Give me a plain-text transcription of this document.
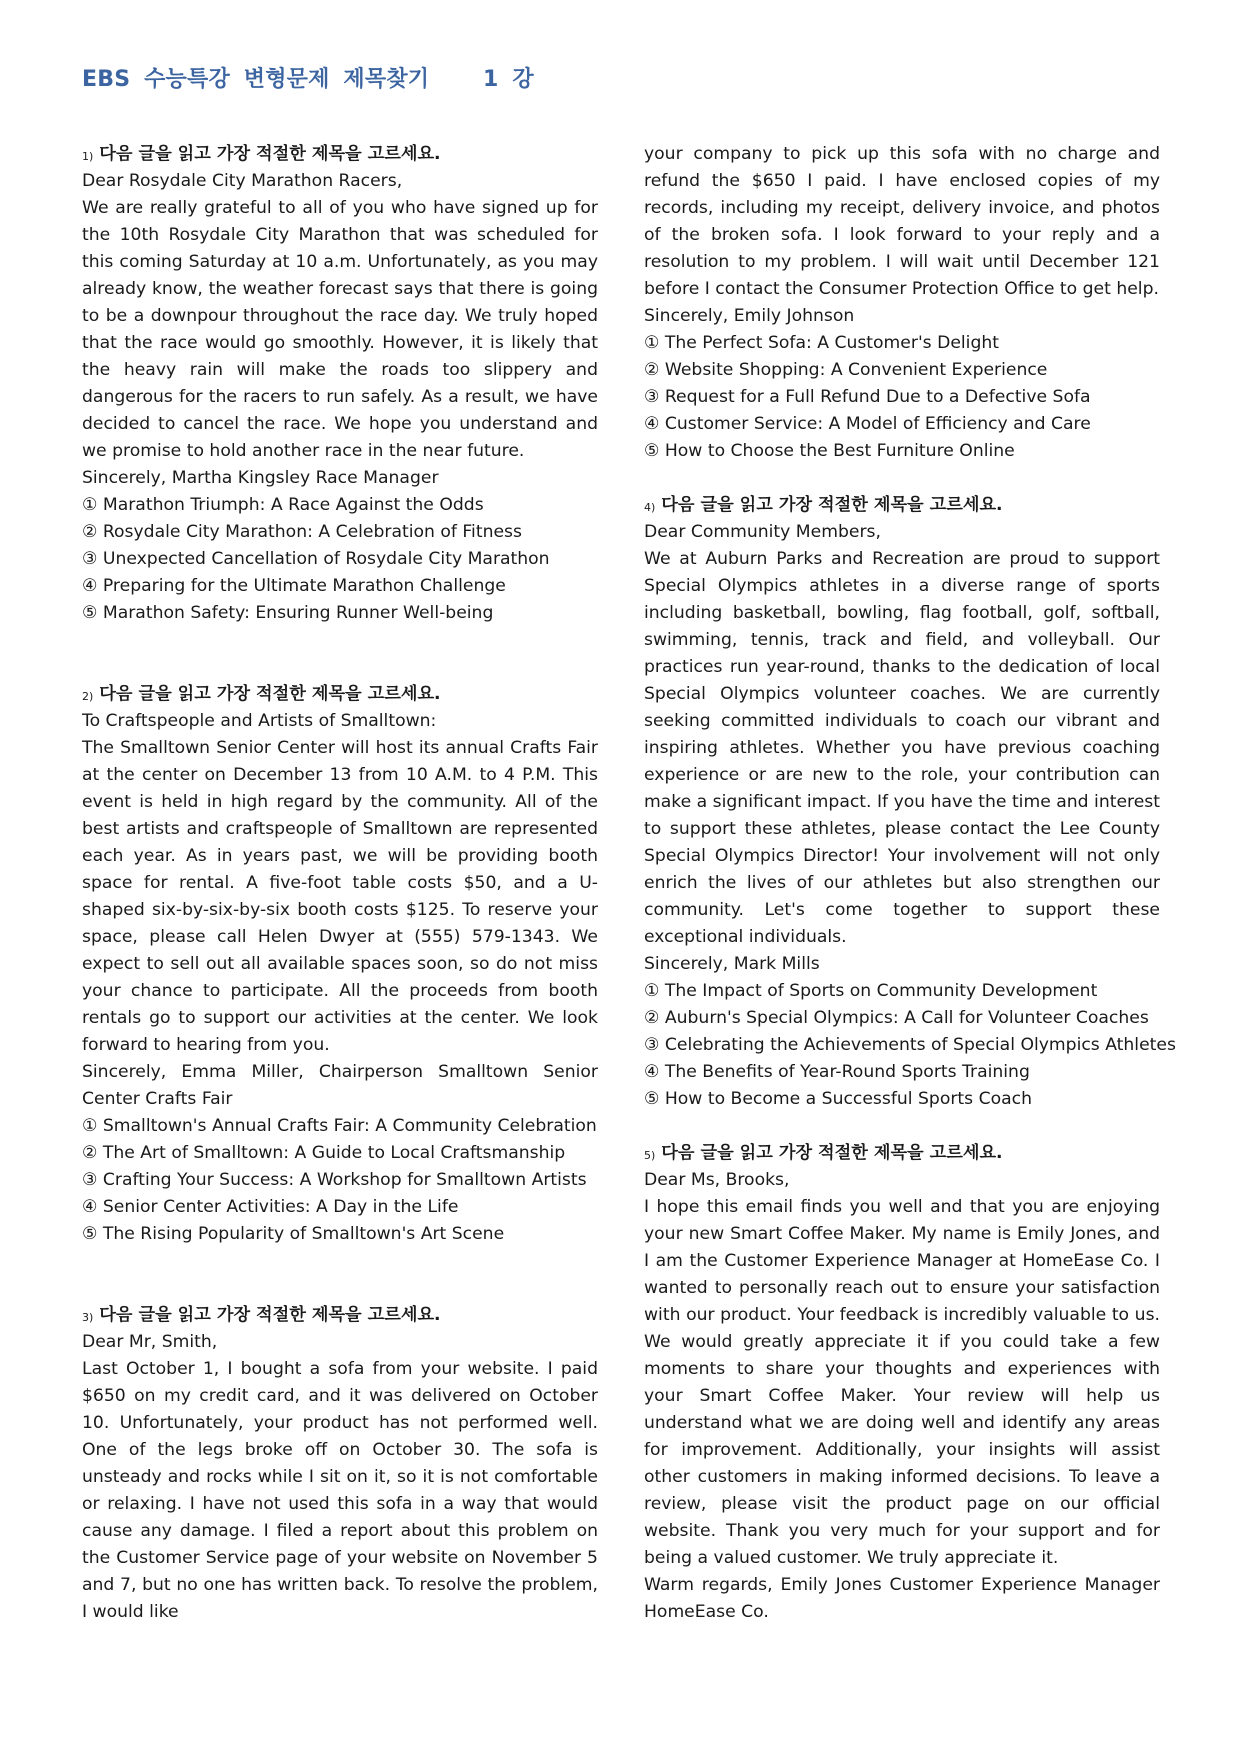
EBS 수능특강 변형문제 제목찾기 1 강
$^{1)}$ 다음 글을 읽고 가장 적절한 제목을 고르세요.
Dear Rosydale City Marathon Racers,
We are really grateful to all of you who have signed up for the 10th Rosydale City Marathon that was scheduled for this coming Saturday at 10 a.m. Unfortunately, as you may already know, the weather forecast says that there is going to be a downpour throughout the race day. We truly hoped that the race would go smoothly. However, it is likely that the heavy rain will make the roads too slippery and dangerous for the racers to run safely. As a result, we have decided to cancel the race. We hope you understand and we promise to hold another race in the near future.
Sincerely, Martha Kingsley Race Manager
① Marathon Triumph: A Race Against the Odds
② Rosydale City Marathon: A Celebration of Fitness
③ Unexpected Cancellation of Rosydale City Marathon
④ Preparing for the Ultimate Marathon Challenge
⑤ Marathon Safety: Ensuring Runner Well-being
$^{2)}$ 다음 글을 읽고 가장 적절한 제목을 고르세요.
To Craftspeople and Artists of Smalltown:
The Smalltown Senior Center will host its annual Crafts Fair at the center on December 13 from 10 A.M. to 4 P.M. This event is held in high regard by the community. All of the best artists and craftspeople of Smalltown are represented each year. As in years past, we will be providing booth space for rental. A five-foot table costs $50, and a U-shaped six-by-six-by-six booth costs $125. To reserve your space, please call Helen Dwyer at (555) 579-1343. We expect to sell out all available spaces soon, so do not miss your chance to participate. All the proceeds from booth rentals go to support our activities at the center. We look forward to hearing from you.
Sincerely, Emma Miller, Chairperson Smalltown Senior Center Crafts Fair
① Smalltown's Annual Crafts Fair: A Community Celebration
② The Art of Smalltown: A Guide to Local Craftsmanship
③ Crafting Your Success: A Workshop for Smalltown Artists
④ Senior Center Activities: A Day in the Life
⑤ The Rising Popularity of Smalltown's Art Scene
$^{3)}$ 다음 글을 읽고 가장 적절한 제목을 고르세요.
Dear Mr, Smith,
Last October 1, I bought a sofa from your website. I paid $650 on my credit card, and it was delivered on October 10. Unfortunately, your product has not performed well. One of the legs broke off on October 30. The sofa is unsteady and rocks while I sit on it, so it is not comfortable or relaxing. I have not used this sofa in a way that would cause any damage. I filed a report about this problem on the Customer Service page of your website on November 5 and 7, but no one has written back. To resolve the problem, I would like
your company to pick up this sofa with no charge and refund the $650 I paid. I have enclosed copies of my records, including my receipt, delivery invoice, and photos of the broken sofa. I look forward to your reply and a resolution to my problem. I will wait until December 121 before I contact the Consumer Protection Office to get help.
Sincerely, Emily Johnson
① The Perfect Sofa: A Customer's Delight
② Website Shopping: A Convenient Experience
③ Request for a Full Refund Due to a Defective Sofa
④ Customer Service: A Model of Efficiency and Care
⑤ How to Choose the Best Furniture Online
$^{4)}$ 다음 글을 읽고 가장 적절한 제목을 고르세요.
Dear Community Members,
We at Auburn Parks and Recreation are proud to support Special Olympics athletes in a diverse range of sports including basketball, bowling, flag football, golf, softball, swimming, tennis, track and field, and volleyball. Our practices run year-round, thanks to the dedication of local Special Olympics volunteer coaches. We are currently seeking committed individuals to coach our vibrant and inspiring athletes. Whether you have previous coaching experience or are new to the role, your contribution can make a significant impact. If you have the time and interest to support these athletes, please contact the Lee County Special Olympics Director! Your involvement will not only enrich the lives of our athletes but also strengthen our community. Let's come together to support these exceptional individuals.
Sincerely, Mark Mills
① The Impact of Sports on Community Development
② Auburn's Special Olympics: A Call for Volunteer Coaches
③ Celebrating the Achievements of Special Olympics Athletes
④ The Benefits of Year-Round Sports Training
⑤ How to Become a Successful Sports Coach
$^{5)}$ 다음 글을 읽고 가장 적절한 제목을 고르세요.
Dear Ms, Brooks,
I hope this email finds you well and that you are enjoying your new Smart Coffee Maker. My name is Emily Jones, and I am the Customer Experience Manager at HomeEase Co. I wanted to personally reach out to ensure your satisfaction with our product. Your feedback is incredibly valuable to us. We would greatly appreciate it if you could take a few moments to share your thoughts and experiences with your Smart Coffee Maker. Your review will help us understand what we are doing well and identify any areas for improvement. Additionally, your insights will assist other customers in making informed decisions. To leave a review, please visit the product page on our official website. Thank you very much for your support and for being a valued customer. We truly appreciate it.
Warm regards, Emily Jones Customer Experience Manager HomeEase Co.
